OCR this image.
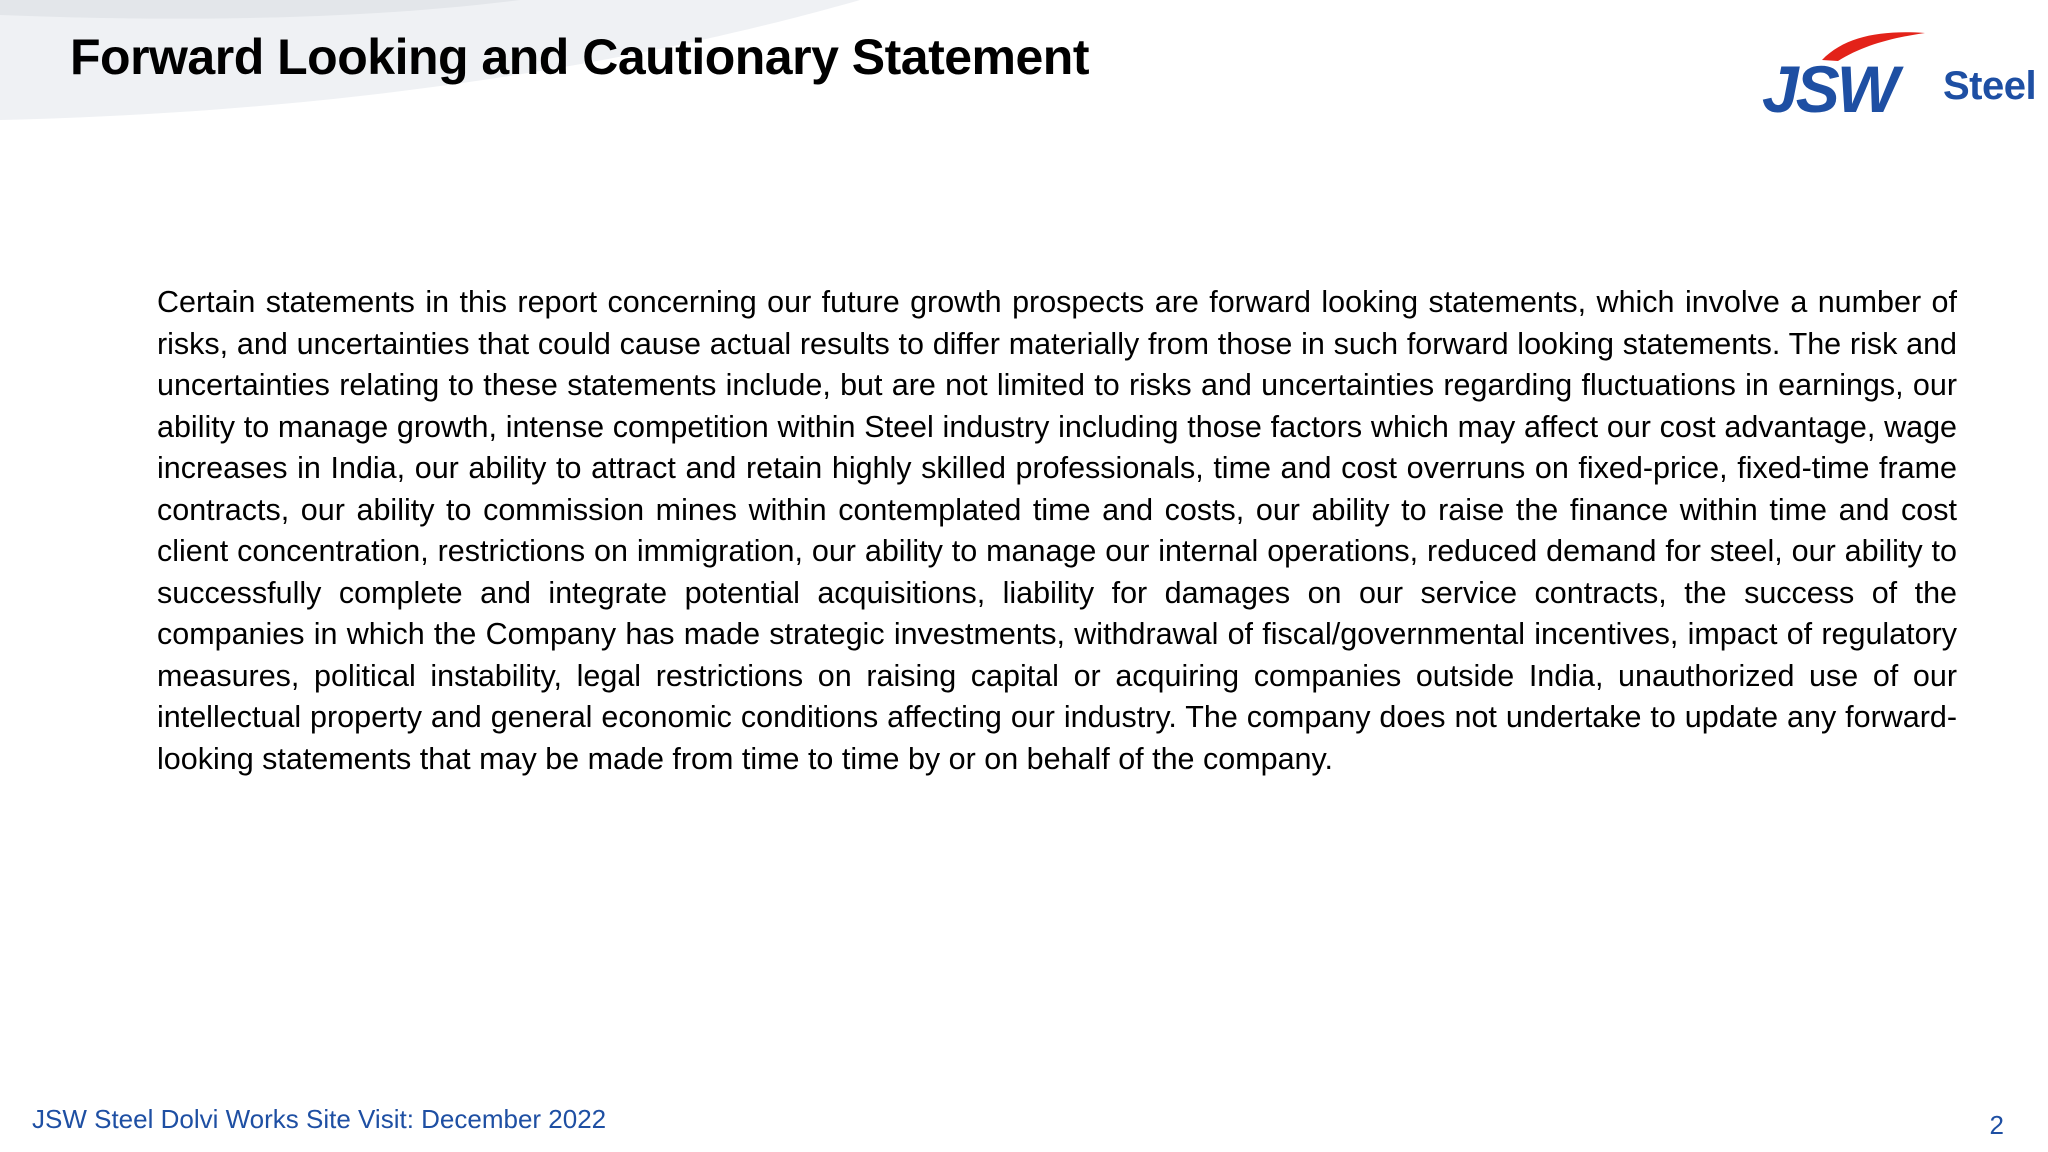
Forward Looking and Cautionary Statement	JSW Steel

Certain statements in this report concerning our future growth prospects are forward looking statements, which involve a number of risks, and uncertainties that could cause actual results to differ materially from those in such forward looking statements. The risk and uncertainties relating to these statements include, but are not limited to risks and uncertainties regarding fluctuations in earnings, our ability to manage growth, intense competition within Steel industry including those factors which may affect our cost advantage, wage increases in India, our ability to attract and retain highly skilled professionals, time and cost overruns on fixed-price, fixed-time frame contracts, our ability to commission mines within contemplated time and costs, our ability to raise the finance within time and cost client concentration, restrictions on immigration, our ability to manage our internal operations, reduced demand for steel, our ability to successfully complete and integrate potential acquisitions, liability for damages on our service contracts, the success of the companies in which the Company has made strategic investments, withdrawal of fiscal/governmental incentives, impact of regulatory measures, political instability, legal restrictions on raising capital or acquiring companies outside India, unauthorized use of our intellectual property and general economic conditions affecting our industry. The company does not undertake to update any forward-looking statements that may be made from time to time by or on behalf of the company.

JSW Steel Dolvi Works Site Visit: December 2022	2
